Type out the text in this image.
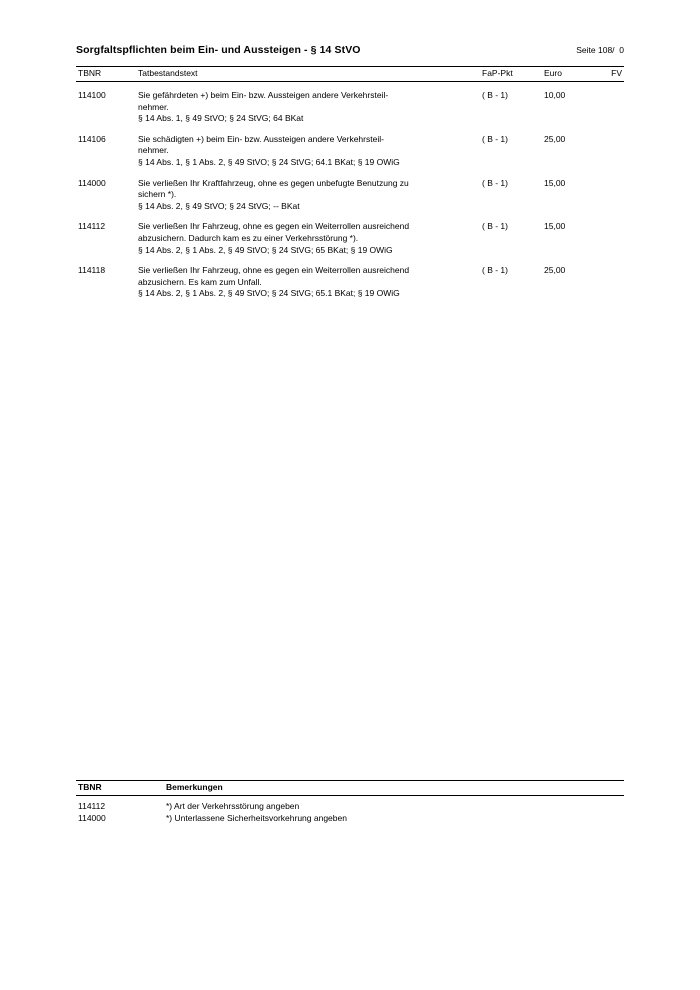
Sorgfaltspflichten beim Ein- und Aussteigen - § 14 StVO	Seite 108/  0
TBNR	Tatbestandstext	FaP-Pkt	Euro	FV
114100	Sie gefährdeten +) beim Ein- bzw. Aussteigen andere Verkehrsteil-
nehmer.
§ 14 Abs. 1, § 49 StVO; § 24 StVG; 64 BKat	( B - 1)	10,00	
114106	Sie schädigten +) beim Ein- bzw. Aussteigen andere Verkehrsteil-
nehmer.
§ 14 Abs. 1, § 1 Abs. 2, § 49 StVO; § 24 StVG; 64.1 BKat; § 19 OWiG	( B - 1)	25,00	
114000	Sie verließen Ihr Kraftfahrzeug, ohne es gegen unbefugte Benutzung zu
sichern *).
§ 14 Abs. 2, § 49 StVO; § 24 StVG; -- BKat	( B - 1)	15,00	
114112	Sie verließen Ihr Fahrzeug, ohne es gegen ein Weiterrollen ausreichend
abzusichern. Dadurch kam es zu einer Verkehrsstörung *).
§ 14 Abs. 2, § 1 Abs. 2, § 49 StVO; § 24 StVG; 65 BKat; § 19 OWiG	( B - 1)	15,00	
114118	Sie verließen Ihr Fahrzeug, ohne es gegen ein Weiterrollen ausreichend
abzusichern. Es kam zum Unfall.
§ 14 Abs. 2, § 1 Abs. 2, § 49 StVO; § 24 StVG; 65.1 BKat; § 19 OWiG	( B - 1)	25,00	
TBNR	Bemerkungen
114112	*) Art der Verkehrsstörung angeben
114000	*) Unterlassene Sicherheitsvorkehrung angeben
